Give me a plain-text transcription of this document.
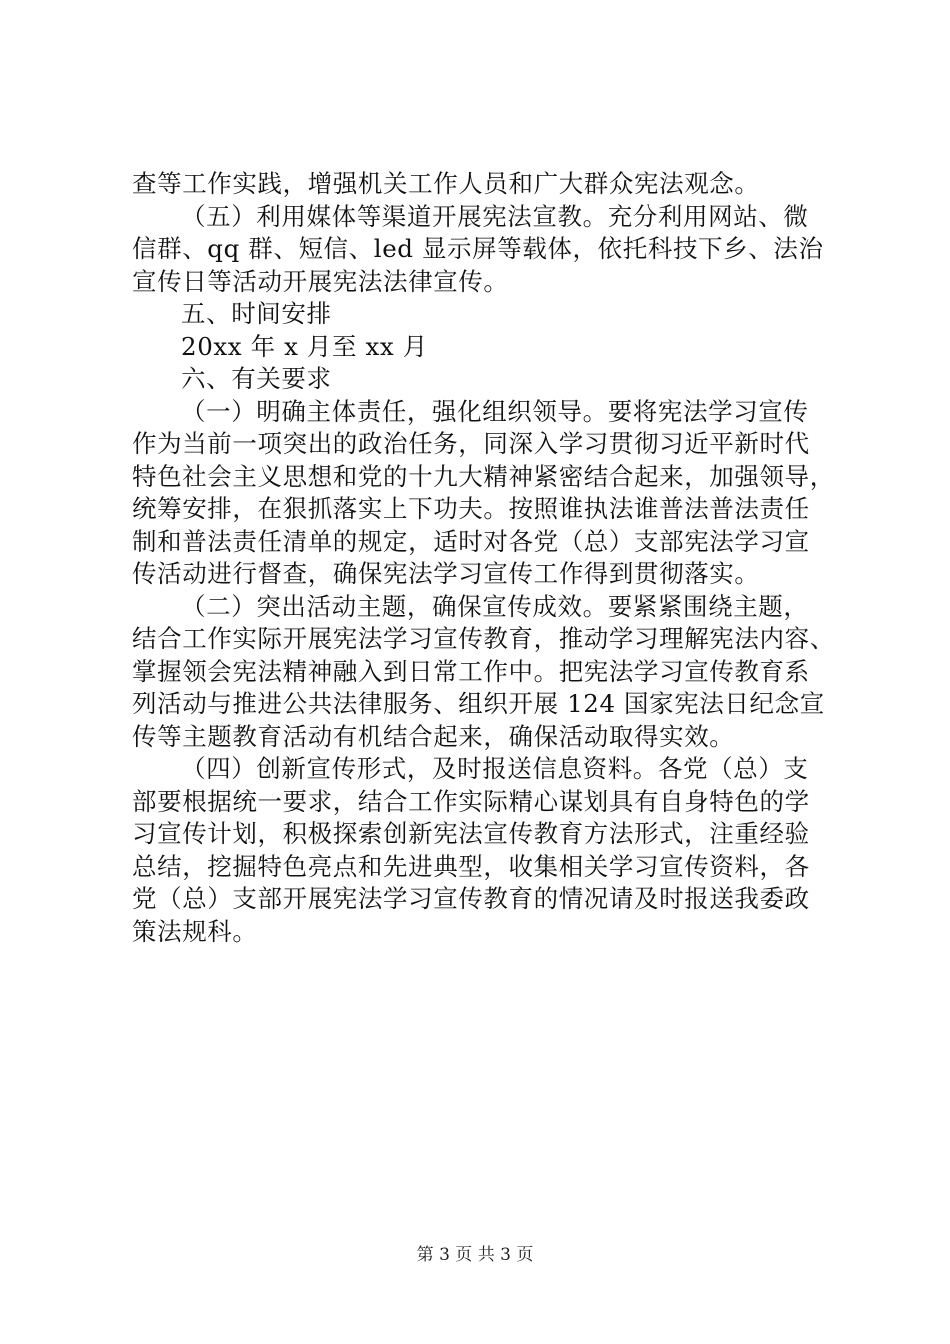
查等工作实践，增强机关工作人员和广大群众宪法观念。
（五）利用媒体等渠道开展宪法宣教。充分利用网站、微
信群、qq 群、短信、led 显示屏等载体，依托科技下乡、法治
宣传日等活动开展宪法法律宣传。
五、时间安排
20xx 年 x 月至 xx 月
六、有关要求
（一）明确主体责任，强化组织领导。要将宪法学习宣传
作为当前一项突出的政治任务，同深入学习贯彻习近平新时代
特色社会主义思想和党的十九大精神紧密结合起来，加强领导，
统筹安排，在狠抓落实上下功夫。按照谁执法谁普法普法责任
制和普法责任清单的规定，适时对各党（总）支部宪法学习宣
传活动进行督查，确保宪法学习宣传工作得到贯彻落实。
（二）突出活动主题，确保宣传成效。要紧紧围绕主题，
结合工作实际开展宪法学习宣传教育，推动学习理解宪法内容、
掌握领会宪法精神融入到日常工作中。把宪法学习宣传教育系
列活动与推进公共法律服务、组织开展 124 国家宪法日纪念宣
传等主题教育活动有机结合起来，确保活动取得实效。
（四）创新宣传形式，及时报送信息资料。各党（总）支
部要根据统一要求，结合工作实际精心谋划具有自身特色的学
习宣传计划，积极探索创新宪法宣传教育方法形式，注重经验
总结，挖掘特色亮点和先进典型，收集相关学习宣传资料，各
党（总）支部开展宪法学习宣传教育的情况请及时报送我委政
策法规科。
第 3 页 共 3 页
